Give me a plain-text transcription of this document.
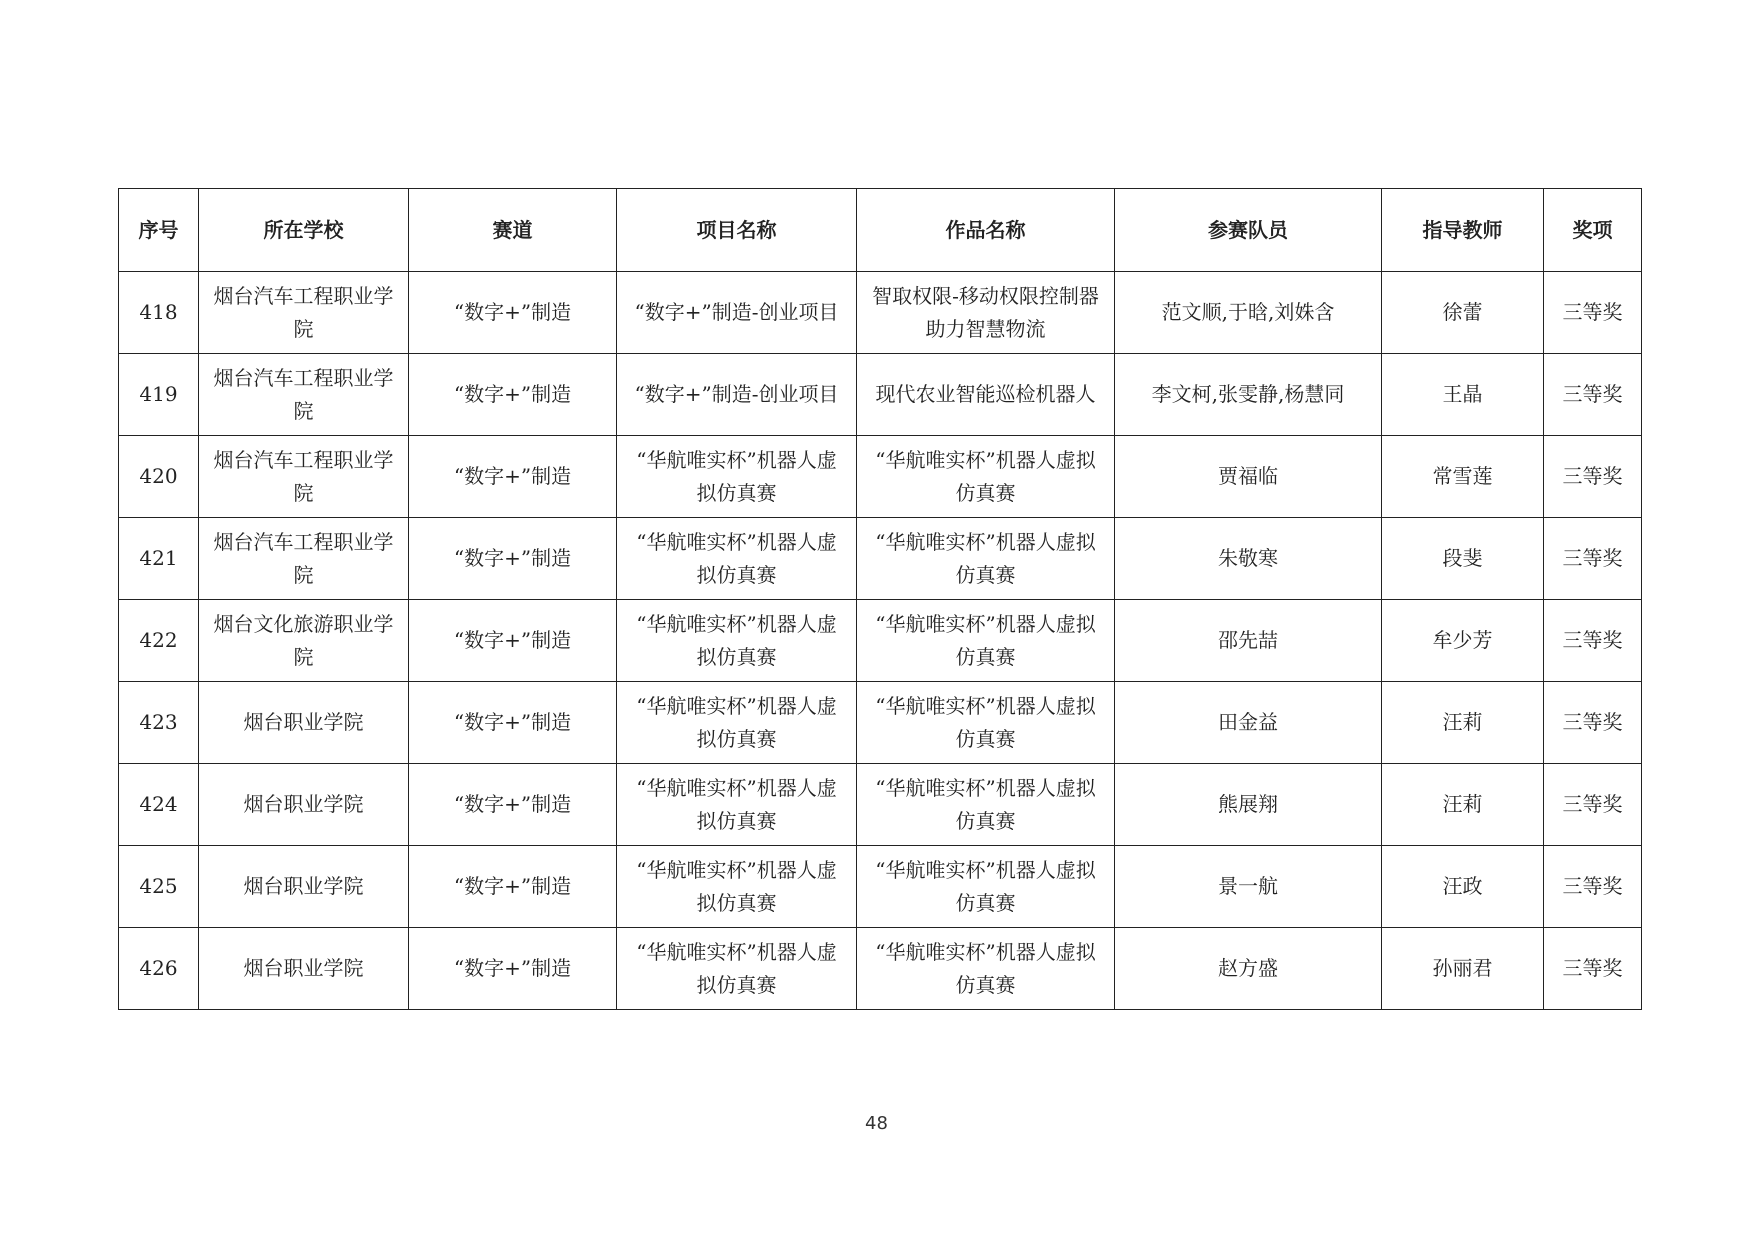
序号	所在学校	赛道	项目名称	作品名称	参赛队员	指导教师	奖项
418	烟台汽车工程职业学院	“数字+”制造	“数字+”制造-创业项目	智取权限-移动权限控制器助力智慧物流	范文顺,于晗,刘姝含	徐蕾	三等奖
419	烟台汽车工程职业学院	“数字+”制造	“数字+”制造-创业项目	现代农业智能巡检机器人	李文柯,张雯静,杨慧同	王晶	三等奖
420	烟台汽车工程职业学院	“数字+”制造	“华航唯实杯”机器人虚拟仿真赛	“华航唯实杯”机器人虚拟仿真赛	贾福临	常雪莲	三等奖
421	烟台汽车工程职业学院	“数字+”制造	“华航唯实杯”机器人虚拟仿真赛	“华航唯实杯”机器人虚拟仿真赛	朱敬寒	段斐	三等奖
422	烟台文化旅游职业学院	“数字+”制造	“华航唯实杯”机器人虚拟仿真赛	“华航唯实杯”机器人虚拟仿真赛	邵先喆	牟少芳	三等奖
423	烟台职业学院	“数字+”制造	“华航唯实杯”机器人虚拟仿真赛	“华航唯实杯”机器人虚拟仿真赛	田金益	汪莉	三等奖
424	烟台职业学院	“数字+”制造	“华航唯实杯”机器人虚拟仿真赛	“华航唯实杯”机器人虚拟仿真赛	熊展翔	汪莉	三等奖
425	烟台职业学院	“数字+”制造	“华航唯实杯”机器人虚拟仿真赛	“华航唯实杯”机器人虚拟仿真赛	景一航	汪政	三等奖
426	烟台职业学院	“数字+”制造	“华航唯实杯”机器人虚拟仿真赛	“华航唯实杯”机器人虚拟仿真赛	赵方盛	孙丽君	三等奖
48
